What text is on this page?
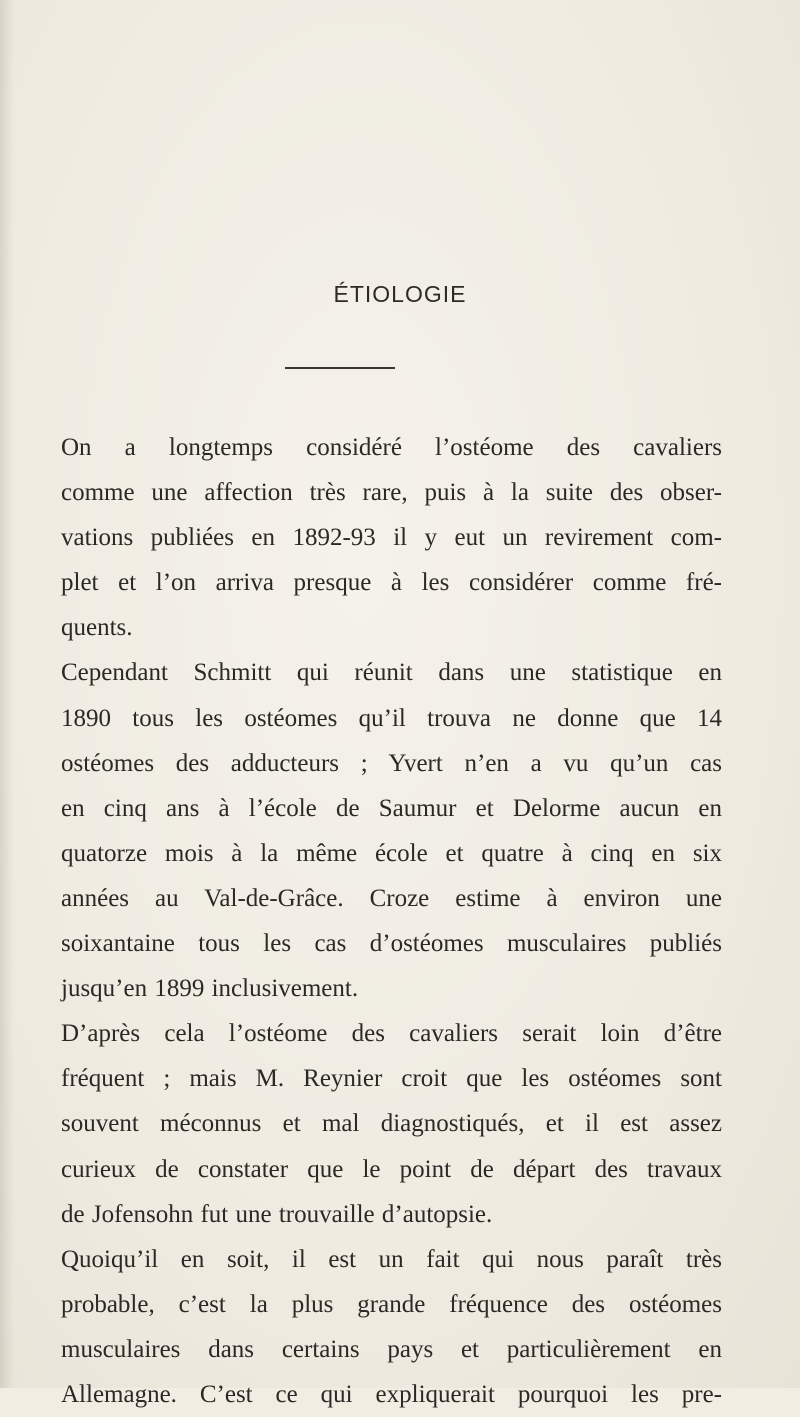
ÉTIOLOGIE

On a longtemps considéré l’ostéome des cavaliers
comme une affection très rare, puis à la suite des obser-
vations publiées en 1892-93 il y eut un revirement com-
plet et l’on arriva presque à les considérer comme fré-
quents.

Cependant Schmitt qui réunit dans une statistique en
1890 tous les ostéomes qu’il trouva ne donne que 14
ostéomes des adducteurs ; Yvert n’en a vu qu’un cas
en cinq ans à l’école de Saumur et Delorme aucun en
quatorze mois à la même école et quatre à cinq en six
années au Val-de-Grâce. Croze estime à environ une
soixantaine tous les cas d’ostéomes musculaires publiés
jusqu’en 1899 inclusivement.

D’après cela l’ostéome des cavaliers serait loin d’être
fréquent ; mais M. Reynier croit que les ostéomes sont
souvent méconnus et mal diagnostiqués, et il est assez
curieux de constater que le point de départ des travaux
de Jofensohn fut une trouvaille d’autopsie.

Quoiqu’il en soit, il est un fait qui nous paraît très
probable, c’est la plus grande fréquence des ostéomes
musculaires dans certains pays et particulièrement en
Allemagne. C’est ce qui expliquerait pourquoi les pre-
